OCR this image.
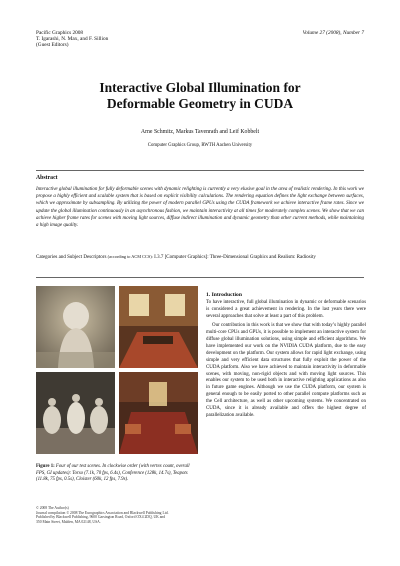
Pacific Graphics 2008
T. Igarashi, N. Max, and F. Sillion
(Guest Editors)
Volume 27 (2008), Number 7
Interactive Global Illumination for
Deformable Geometry in CUDA
Arne Schmitz, Markus Tavenrath and Leif Kobbelt
Computer Graphics Group, RWTH Aachen University
Abstract
Interactive global illumination for fully deformable scenes with dynamic relighting is currently a very elusive goal in the area of realistic rendering. In this work we propose a highly efficient and scalable system that is based on explicit visibility calculations. The rendering equation defines the light exchange between surfaces, which we approximate by subsampling. By utilizing the power of modern parallel GPUs using the CUDA framework we achieve interactive frame rates. Since we update the global illumination continuously in an asynchronous fashion, we maintain interactivity at all times for moderately complex scenes. We show that we can achieve higher frame rates for scenes with moving light sources, diffuse indirect illumination and dynamic geometry than other current methods, while maintaining a high image quality.
Categories and Subject Descriptors (according to ACM CCS): I.3.7 [Computer Graphics]: Three-Dimensional Graphics and Realism: Radiosity
Figure 1: Four of our test scenes. In clockwise order (with vertex count, overall FPS, GI updates): Torso (7.1k, 70 fps, 6.4s), Conference (128k, 14.7s), Teapots (11.8k, 75 fps, 0.5s), Cloister (60k, 12 fps, 7.9s).
© 2008 The Author(s)
Journal compilation © 2008 The Eurographics Association and Blackwell Publishing Ltd.
Published by Blackwell Publishing, 9600 Garsington Road, Oxford OX4 2DQ, UK and
350 Main Street, Malden, MA 02148, USA.
1. Introduction

To have interactive, full global illumination in dynamic or deformable scenarios is considered a great achievement in rendering. In the last years there were several approaches that solve at least a part of this problem.

Our contribution in this work is that we show that with today’s highly parallel multi-core CPUs and GPUs, it is possible to implement an interactive system for diffuse global illumination solutions, using simple and efficient algorithms. We have implemented our work on the NVIDIA CUDA platform, due to the easy development on the platform. Our system allows for rapid light exchange, using simple and very efficient data structures that fully exploit the power of the CUDA platform. Also we have achieved to maintain interactivity in deformable scenes, with moving, non-rigid objects and with moving light sources. This enables our system to be used both in interactive relighting applications as also in future game engines. Although we use the CUDA platform, our system is general enough to be easily ported to other parallel compute platforms such as the Cell architecture, as well as other upcoming systems. We concentrated on CUDA, since it is already available and offers the highest degree of parallelization available.
